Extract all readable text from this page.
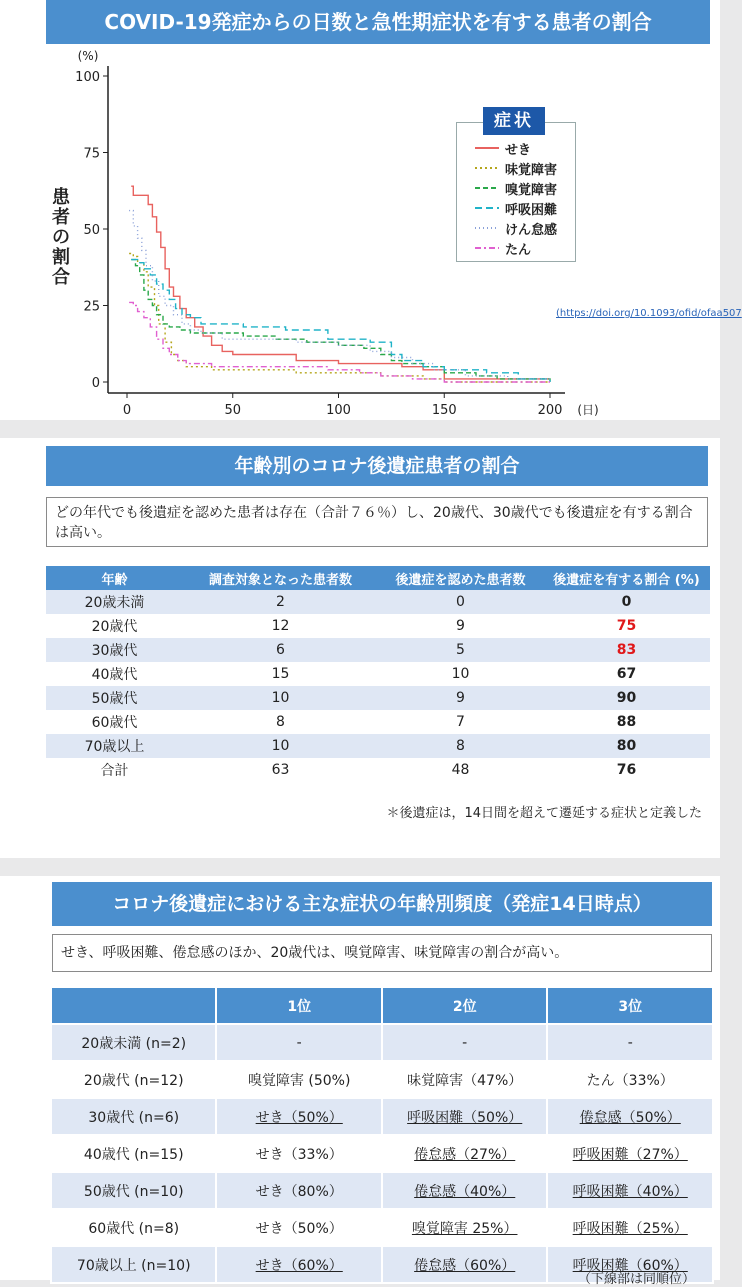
COVID-19発症からの日数と急性期症状を有する患者の割合
0
25
50
75
100
0	50	100	150	200
(%)
(日)
患者の割合
症状
せき
味覚障害
嗅覚障害
呼吸困難
けん怠感
たん
(https://doi.org/10.1093/ofid/ofaa507
年齢別のコロナ後遺症患者の割合
どの年代でも後遺症を認めた患者は存在（合計７６％）し、20歳代、30歳代でも後遺症を有する割合は高い。
年齢	調査対象となった患者数	後遺症を認めた患者数	後遺症を有する割合 (%)
20歳未満	2	0	0
20歳代	12	9	75
30歳代	6	5	83
40歳代	15	10	67
50歳代	10	9	90
60歳代	8	7	88
70歳以上	10	8	80
合計	63	48	76
＊後遺症は，14日間を超えて遷延する症状と定義した
コロナ後遺症における主な症状の年齢別頻度（発症14日時点）
せき、呼吸困難、倦怠感のほか、20歳代は、嗅覚障害、味覚障害の割合が高い。
	1位	2位	3位
20歳未満 (n=2)	-	-	-
20歳代 (n=12)	嗅覚障害 (50%)	味覚障害（47%）	たん（33%）
30歳代 (n=6)	せき（50%）	呼吸困難（50%）	倦怠感（50%）
40歳代 (n=15)	せき（33%）	倦怠感（27%）	呼吸困難（27%）
50歳代 (n=10)	せき（80%）	倦怠感（40%）	呼吸困難（40%）
60歳代 (n=8)	せき（50%）	嗅覚障害 25%）	呼吸困難（25%）
70歳以上 (n=10)	せき（60%）	倦怠感（60%）	呼吸困難（60%）
（下線部は同順位）
